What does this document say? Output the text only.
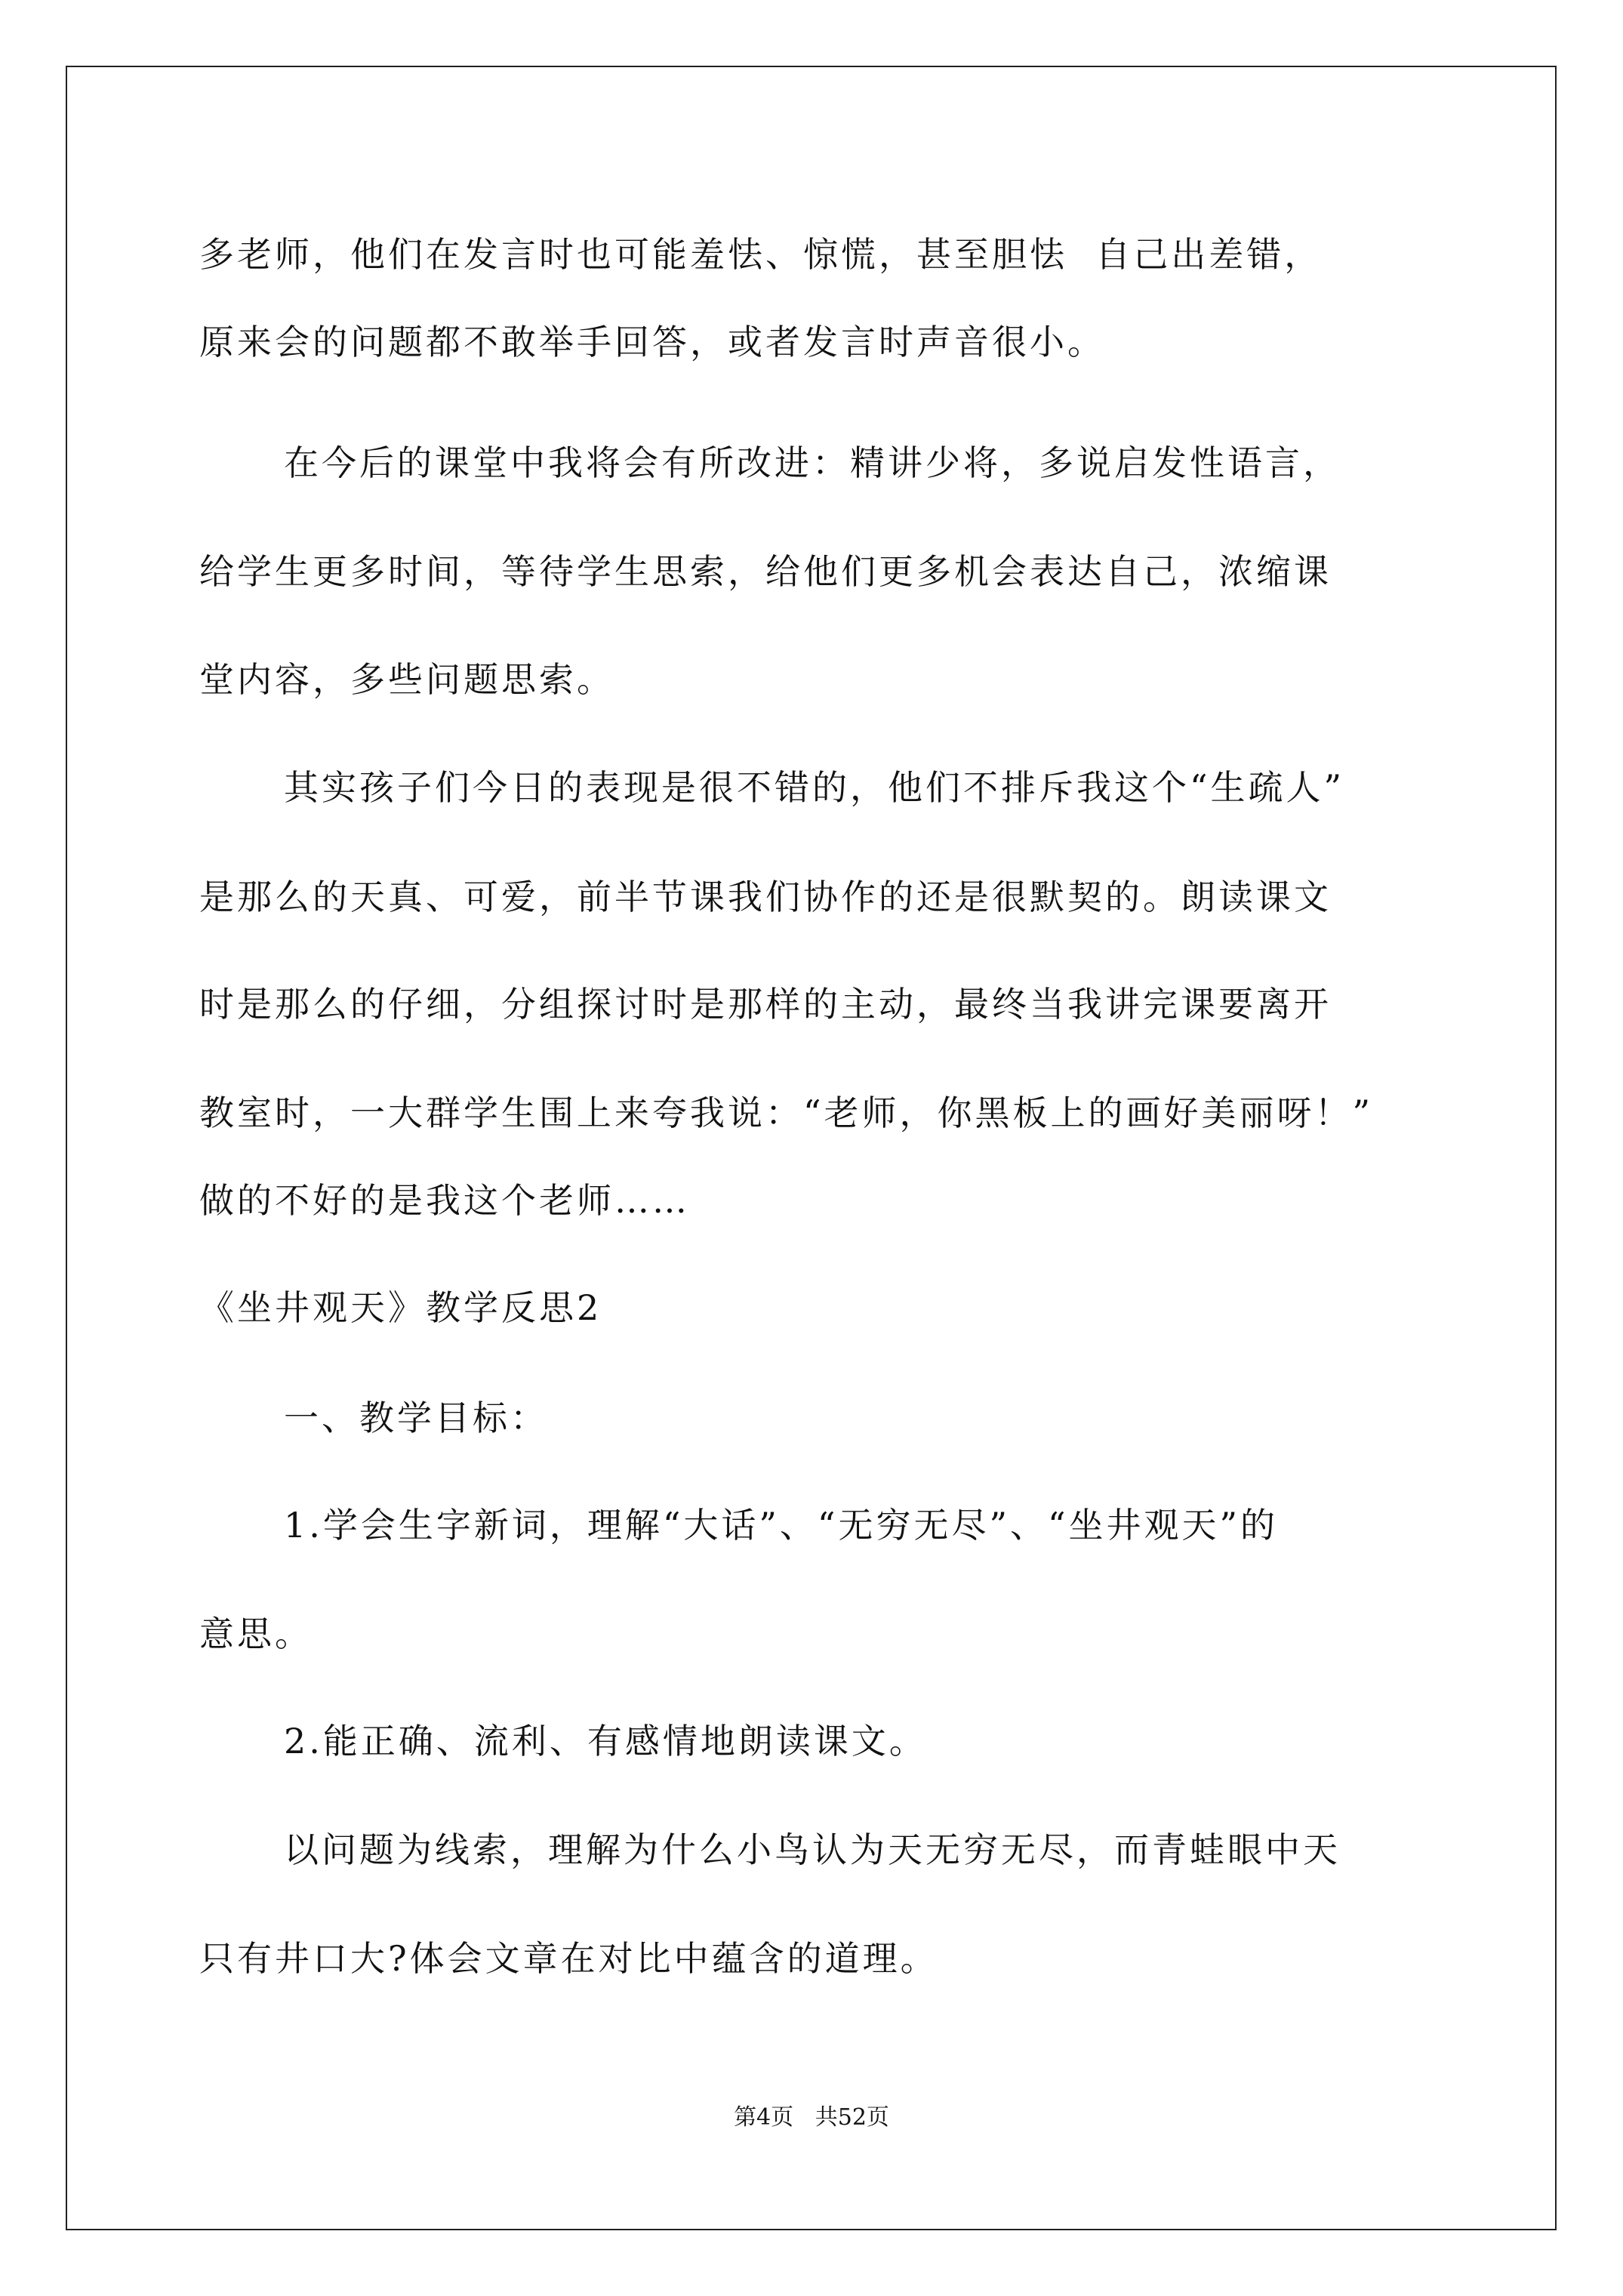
多老师，他们在发言时也可能羞怯、惊慌，甚至胆怯  自己出差错，
原来会的问题都不敢举手回答，或者发言时声音很小。
在今后的课堂中我将会有所改进：精讲少将，多说启发性语言，
给学生更多时间，等待学生思索，给他们更多机会表达自己，浓缩课
堂内容，多些问题思索。
其实孩子们今日的表现是很不错的，他们不排斥我这个“生疏人”
是那么的天真、可爱，前半节课我们协作的还是很默契的。朗读课文
时是那么的仔细，分组探讨时是那样的主动，最终当我讲完课要离开
教室时，一大群学生围上来夸我说：“老师，你黑板上的画好美丽呀！”
做的不好的是我这个老师……
《坐井观天》教学反思2
一、教学目标：
1.学会生字新词，理解“大话”、“无穷无尽”、“坐井观天”的
意思。
2.能正确、流利、有感情地朗读课文。
以问题为线索，理解为什么小鸟认为天无穷无尽，而青蛙眼中天
只有井口大?体会文章在对比中蕴含的道理。
第4页   共52页
